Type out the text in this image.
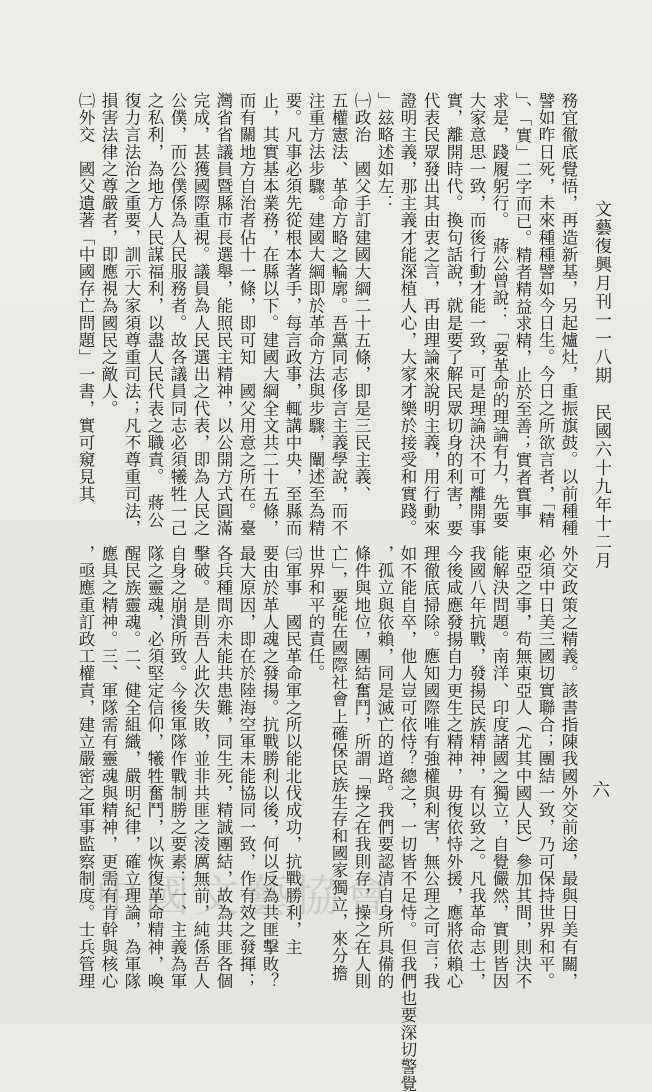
文藝復興月刊一一八期　民國六十九年十二月
六
務宜徹底覺悟，再造新基，另起爐灶，重振旗鼓。以前種種
譬如昨日死，未來種種譬如今日生。今日之所欲言者，「精
」、「實」二字而已。精者精益求精，止於至善；實者實事
求是，踐履躬行。　蔣公曾說：「要革命的理論有力，先要
大家意思一致，而後行動才能一致，可是理論決不可離開事
實，離開時代。換句話說，就是要了解民眾切身的利害，要
代表民眾發出其由衷之言，再由理論來說明主義，用行動來
證明主義，那主義才能深植人心，大家才樂於接受和實踐。
」玆略述如左：
㈠政治　國父手訂建國大綱二十五條，即是三民主義、
五權憲法、革命方略之輪廓。吾黨同志侈言主義學說，而不
注重方法步驟。建國大綱即於革命方法與步驟，闡述至為精
要。凡事必須先從根本著手，每言政事，輒講中央，至縣而
止，其實基本業務，在縣以下。建國大綱全文共二十五條，
而有關地方自治者佔十一條，即可知　國父用意之所在。臺
灣省省議員暨縣市長選舉，能照民主精神，以公開方式圓滿
完成，甚獲國際重視。議員為人民選出之代表，即為人民之
公僕，而公僕係為人民服務者。故各議員同志必須犧牲一己
之私利，為地方人民謀福利，以盡人民代表之職責。　蔣公
復力言法治之重要，訓示大家須尊重司法；凡不尊重司法，
損害法律之尊嚴者，即應視為國民之敵人。
㈡外交　國父遺著「中國存亡問題」一書，實可窺見其
外交政策之精義。該書指陳我國外交前途，最與日美有關，
必須中日美三國切實聯合；團結一致，乃可保持世界和平。
東亞之事，苟無東亞人（尤其中國人民）參加其間，則決不
能解決問題。南洋、印度諸國之獨立，自覺儼然，實則皆因
我國八年抗戰，發揚民族精神，有以致之。凡我革命志士，
今後咸應發揚自力更生之精神，毋復依恃外援，應將依賴心
理徹底掃除。應知國際唯有強權與利害，無公理之可言；我
如不能自卒，他人豈可依恃？總之，一切皆不足恃。但我們也要深切警覺
，孤立與依賴，同是滅亡的道路。我們要認清自身所具備的
條件與地位，團結奮鬥，所謂「操之在我則存，操之在人則
亡」，要能在國際社會上確保民族生存和國家獨立，來分擔
世界和平的責任。
㈢軍事　國民革命軍之所以能北伐成功，抗戰勝利，主
要由於革人魂之發揚。抗戰勝利以後，何以反為共匪擊敗？
最大原因，即在於陸海空軍未能協同一致，作有效之發揮；
各兵種間亦未能共患難，同生死，精誠團結，故為共匪各個
擊破。是則吾人此次失敗，並非共匪之淩厲無前，純係吾人
自身之崩潰所致。今後軍隊作戰制勝之要素：一、主義為軍
隊之靈魂，必須堅定信仰，犧牲奮鬥，以恢復革命精神，喚
醒民族靈魂。二、健全組織，嚴明紀律，確立理論，為軍隊
應具之精神。三、軍隊需有靈魂與精神，更需有肯幹與核心
，亟應重訂政工權責，建立嚴密之軍事監察制度。士兵管理 中國文藝協會
